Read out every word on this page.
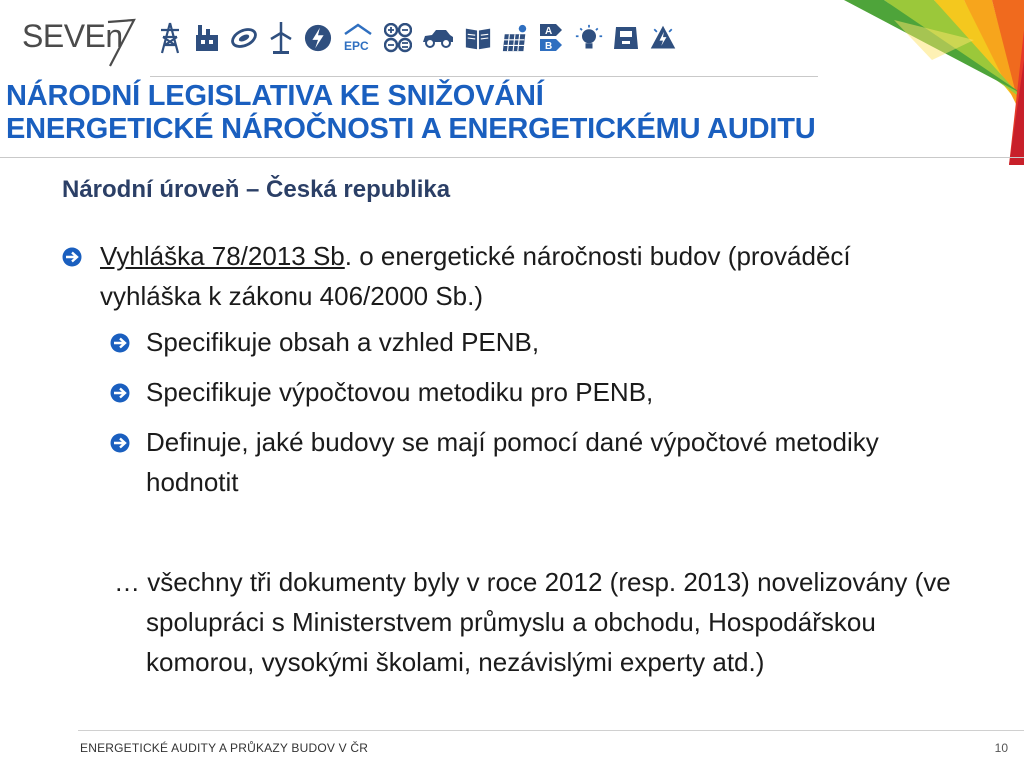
SEVEn	EPC
A
B
NÁRODNÍ LEGISLATIVA KE SNIŽOVÁNÍ
ENERGETICKÉ NÁROČNOSTI A ENERGETICKÉMU AUDITU
Národní úroveň – Česká republika
Vyhláška 78/2013 Sb. o energetické náročnosti budov (prováděcí vyhláška k zákonu 406/2000 Sb.)
Specifikuje obsah a vzhled PENB,
Specifikuje výpočtovou metodiku pro PENB,
Definuje, jaké budovy se mají pomocí dané výpočtové metodiky hodnotit
… všechny tři dokumenty byly v roce 2012 (resp. 2013) novelizovány (ve spolupráci s Ministerstvem průmyslu a obchodu, Hospodářskou komorou, vysokými školami, nezávislými experty atd.)
ENERGETICKÉ AUDITY A PRŮKAZY BUDOV V ČR	10
